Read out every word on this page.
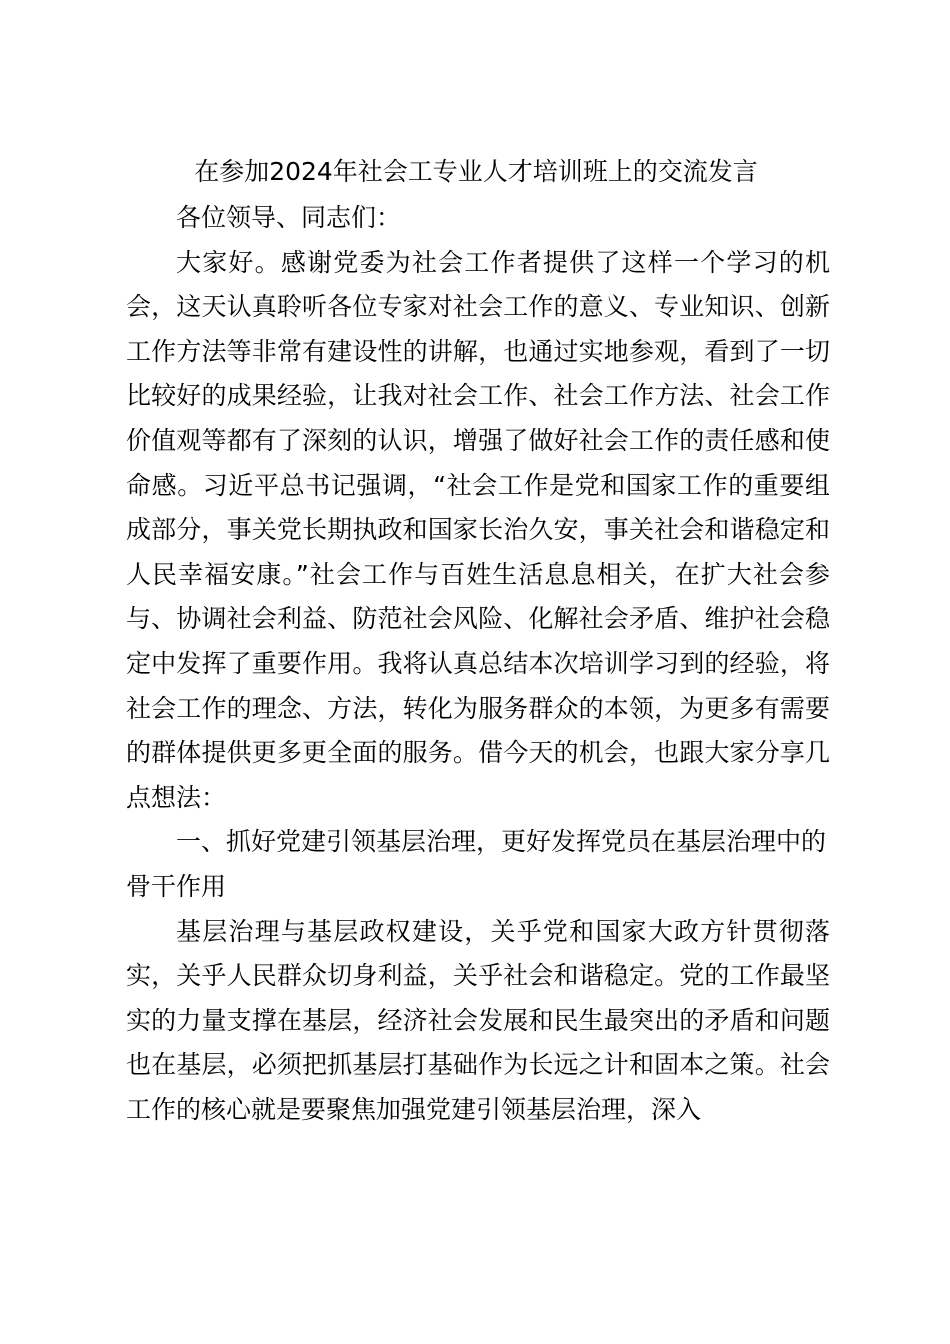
在参加2024年社会工专业人才培训班上的交流发言

各位领导、同志们：

大家好。感谢党委为社会工作者提供了这样一个学习的机会，这天认真聆听各位专家对社会工作的意义、专业知识、创新工作方法等非常有建设性的讲解，也通过实地参观，看到了一切比较好的成果经验，让我对社会工作、社会工作方法、社会工作价值观等都有了深刻的认识，增强了做好社会工作的责任感和使命感。习近平总书记强调，“社会工作是党和国家工作的重要组成部分，事关党长期执政和国家长治久安，事关社会和谐稳定和人民幸福安康。”社会工作与百姓生活息息相关，在扩大社会参与、协调社会利益、防范社会风险、化解社会矛盾、维护社会稳定中发挥了重要作用。我将认真总结本次培训学习到的经验，将社会工作的理念、方法，转化为服务群众的本领，为更多有需要的群体提供更多更全面的服务。借今天的机会，也跟大家分享几点想法：

一、抓好党建引领基层治理，更好发挥党员在基层治理中的骨干作用

基层治理与基层政权建设，关乎党和国家大政方针贯彻落实，关乎人民群众切身利益，关乎社会和谐稳定。党的工作最坚实的力量支撑在基层，经济社会发展和民生最突出的矛盾和问题也在基层，必须把抓基层打基础作为长远之计和固本之策。社会工作的核心就是要聚焦加强党建引领基层治理，深入
